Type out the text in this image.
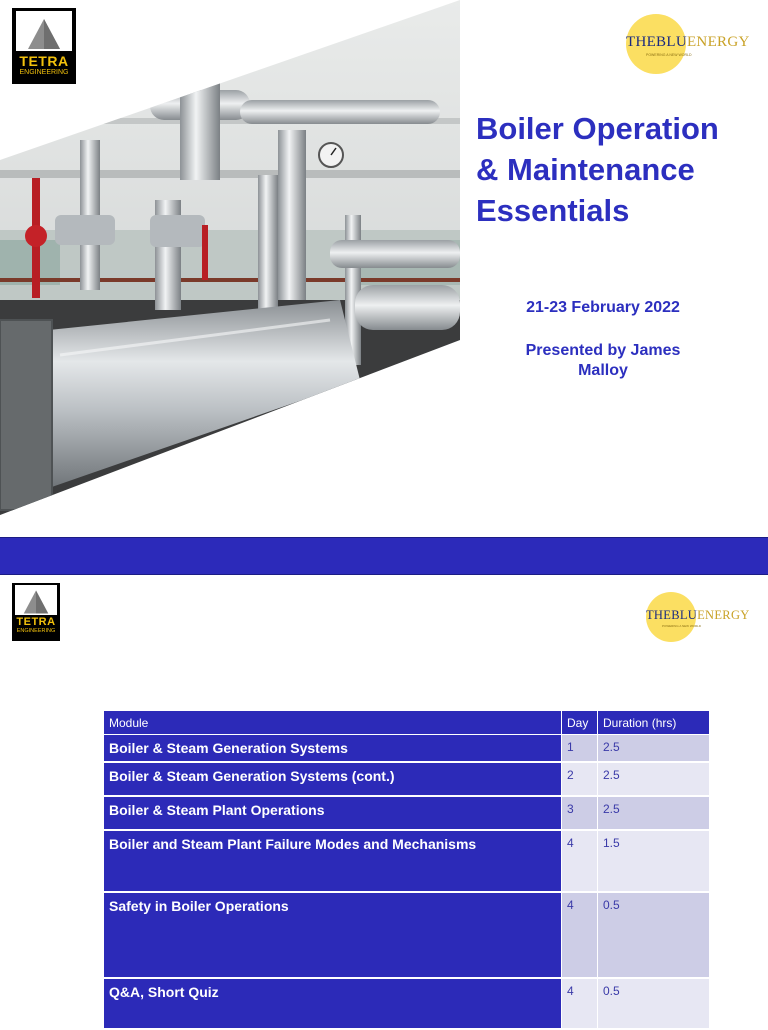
TETRA
ENGINEERING
THEBLUENERGY
POWERING A NEW WORLD
Boiler Operation
& Maintenance
Essentials

21-23 February 2022

Presented by James
Malloy

TETRA
ENGINEERING
THEBLUENERGY
POWERING A NEW WORLD
Module	Day	Duration (hrs)
Boiler & Steam Generation Systems	1	2.5
Boiler & Steam Generation Systems (cont.)	2	2.5
Boiler & Steam Plant Operations	3	2.5
Boiler and Steam Plant Failure Modes and Mechanisms	4	1.5
Safety in Boiler Operations	4	0.5
Q&A, Short Quiz	4	0.5
